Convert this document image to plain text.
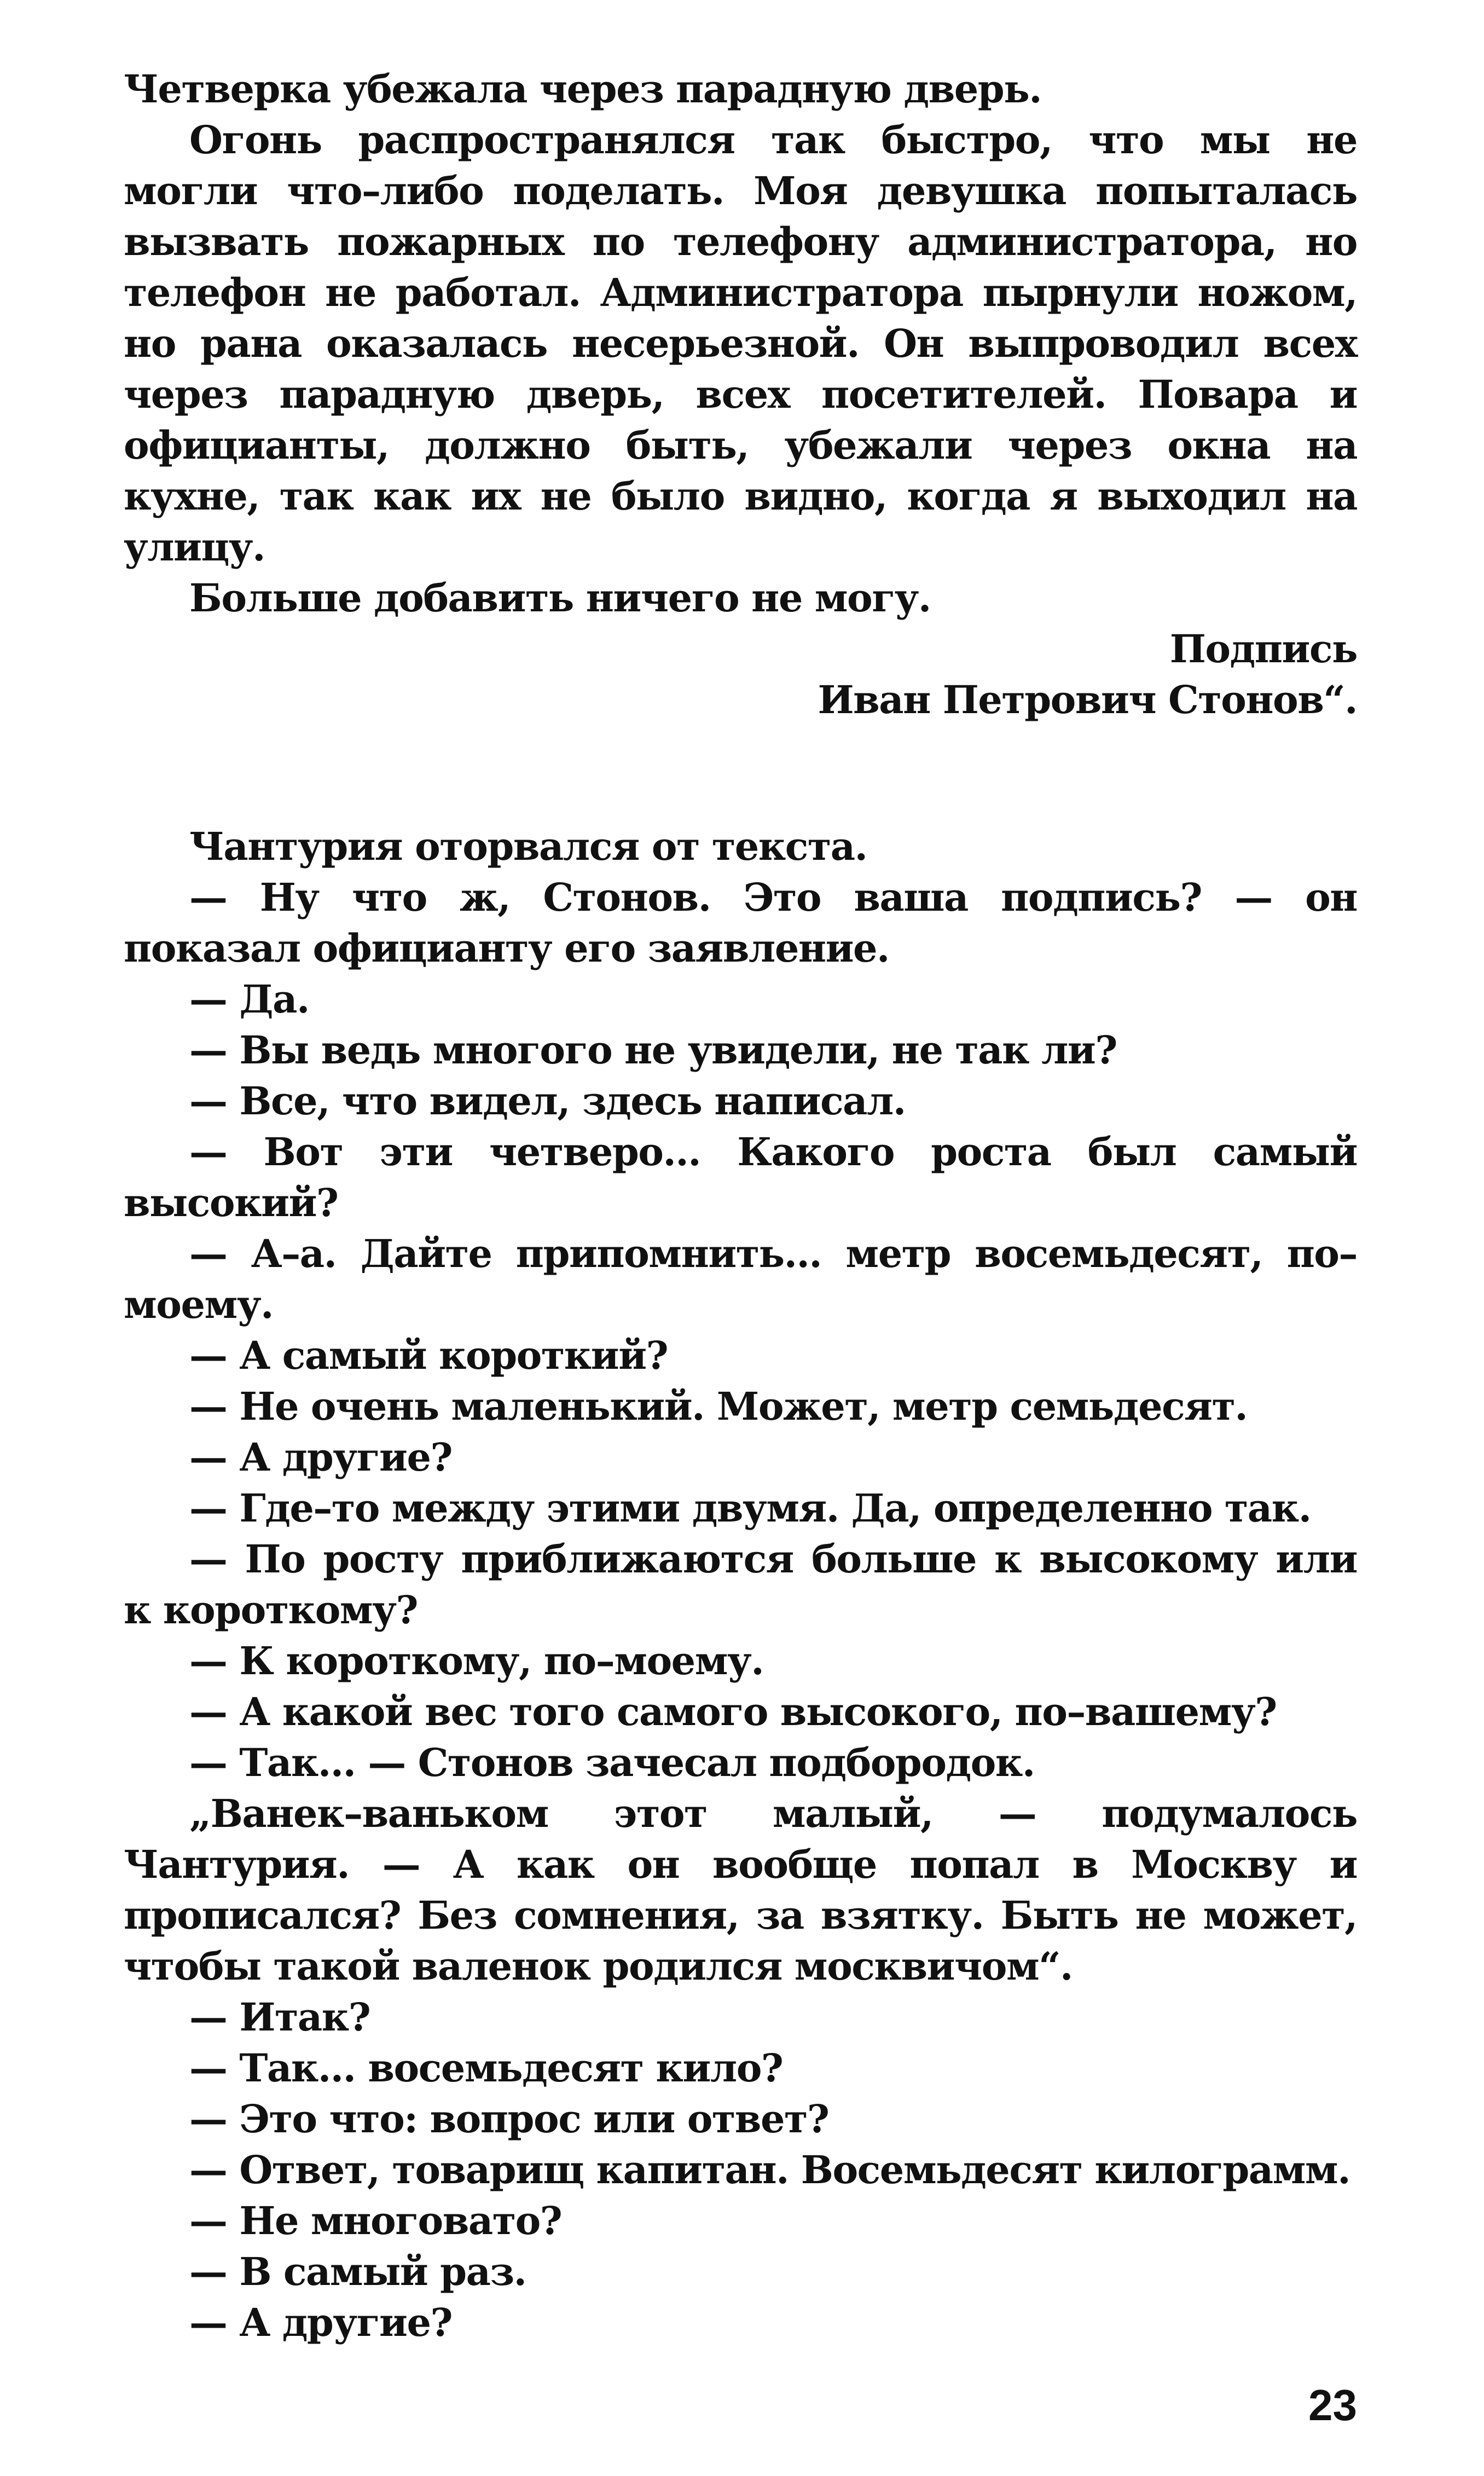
Четверка убежала через парадную дверь.

Огонь распространялся так быстро, что мы не могли что–либо поделать. Моя девушка попыталась вызвать пожарных по телефону администратора, но телефон не работал. Администратора пырнули ножом, но рана оказалась несерьезной. Он выпроводил всех через парадную дверь, всех посетителей. Повара и официанты, должно быть, убежали через окна на кухне, так как их не было видно, когда я выходил на улицу.

Больше добавить ничего не могу.

Подпись

Иван Петрович Стонов“.

Чантурия оторвался от текста.

— Ну что ж, Стонов. Это ваша подпись? — он показал официанту его заявление.

— Да.

— Вы ведь многого не увидели, не так ли?

— Все, что видел, здесь написал.

— Вот эти четверо... Какого роста был самый высокий?

— А–а. Дайте припомнить... метр восемьдесят, по–моему.

— А самый короткий?

— Не очень маленький. Может, метр семьдесят.

— А другие?

— Где–то между этими двумя. Да, определенно так.

— По росту приближаются больше к высокому или к короткому?

— К короткому, по–моему.

— А какой вес того самого высокого, по–вашему?

— Так... — Стонов зачесал подбородок.

„Ванек–ваньком этот малый, — подумалось Чантурия. — А как он вообще попал в Москву и прописался? Без сомнения, за взятку. Быть не может, чтобы такой валенок родился москвичом“.

— Итак?

— Так... восемьдесят кило?

— Это что: вопрос или ответ?

— Ответ, товарищ капитан. Восемьдесят килограмм.

— Не многовато?

— В самый раз.

— А другие?

23
